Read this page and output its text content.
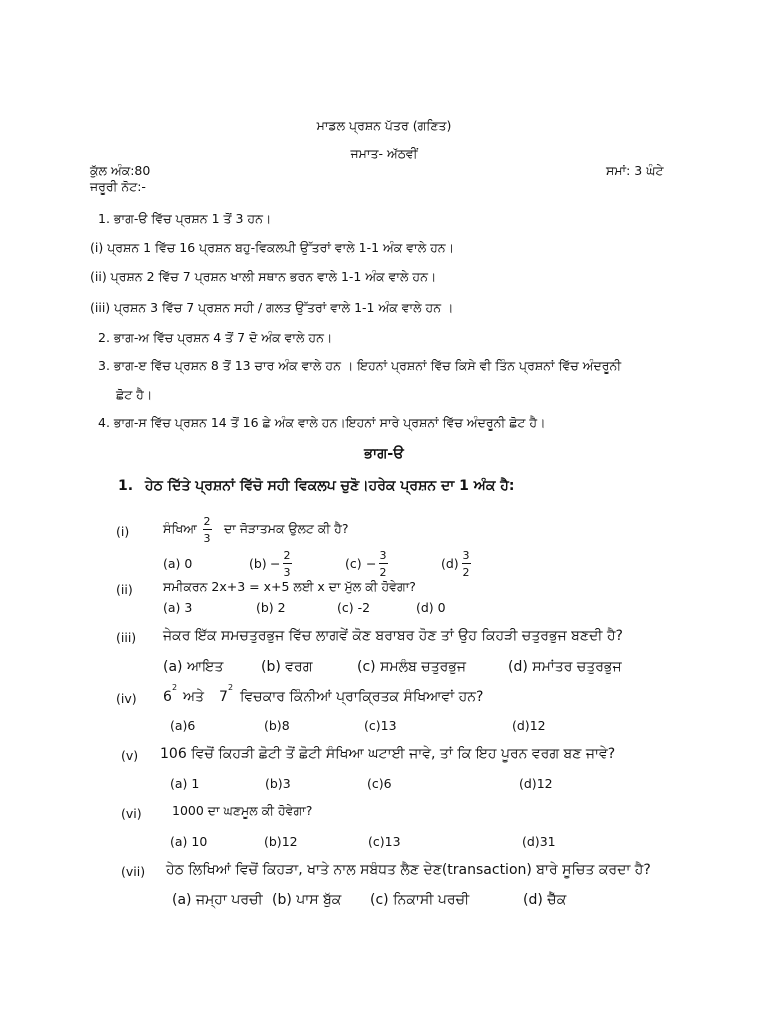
ਮਾਡਲ ਪ੍ਰਸ਼ਨ ਪੱਤਰ (ਗਣਿਤ)
ਜਮਾਤ- ਅੱਠਵੀਂ
ਕੁੱਲ ਅੰਕ:80	ਸਮਾਂ: 3 ਘੰਟੇ
ਜਰੂਰੀ ਨੋਟ:-
1. ਭਾਗ-ੳ ਵਿੱਚ ਪ੍ਰਸ਼ਨ 1 ਤੋਂ 3 ਹਨ।
(i) ਪ੍ਰਸ਼ਨ 1 ਵਿੱਚ 16 ਪ੍ਰਸ਼ਨ ਬਹੁ-ਵਿਕਲਪੀ ਉੱਤਰਾਂ ਵਾਲੇ 1-1 ਅੰਕ ਵਾਲੇ ਹਨ।
(ii) ਪ੍ਰਸ਼ਨ 2 ਵਿੱਚ 7 ਪ੍ਰਸ਼ਨ ਖਾਲੀ ਸਥਾਨ ਭਰਨ ਵਾਲੇ 1-1 ਅੰਕ ਵਾਲੇ ਹਨ।
(iii) ਪ੍ਰਸ਼ਨ 3 ਵਿੱਚ 7 ਪ੍ਰਸ਼ਨ ਸਹੀ / ਗਲਤ ਉੱਤਰਾਂ ਵਾਲੇ 1-1 ਅੰਕ ਵਾਲੇ ਹਨ ।
2. ਭਾਗ-ਅ ਵਿੱਚ ਪ੍ਰਸ਼ਨ 4 ਤੋਂ 7 ਦੋ ਅੰਕ ਵਾਲੇ ਹਨ।
3. ਭਾਗ-ੲ ਵਿੱਚ ਪ੍ਰਸ਼ਨ 8 ਤੋਂ 13 ਚਾਰ ਅੰਕ ਵਾਲੇ ਹਨ । ਇਹਨਾਂ ਪ੍ਰਸ਼ਨਾਂ ਵਿੱਚ ਕਿਸੇ ਵੀ ਤਿੰਨ ਪ੍ਰਸ਼ਨਾਂ ਵਿੱਚ ਅੰਦਰੂਨੀ
ਛੋਟ ਹੈ।
4. ਭਾਗ-ਸ ਵਿੱਚ ਪ੍ਰਸ਼ਨ 14 ਤੋਂ 16 ਛੇ ਅੰਕ ਵਾਲੇ ਹਨ।ਇਹਨਾਂ ਸਾਰੇ ਪ੍ਰਸ਼ਨਾਂ ਵਿੱਚ ਅੰਦਰੂਨੀ ਛੋਟ ਹੈ।
ਭਾਗ-ੳ
1. ਹੇਠ ਦਿੱਤੇ ਪ੍ਰਸ਼ਨਾਂ ਵਿੱਚੋ ਸਹੀ ਵਿਕਲਪ ਚੁਣੋ।ਹਰੇਕ ਪ੍ਰਸ਼ਨ ਦਾ 1 ਅੰਕ ਹੈ:
(i)	ਸੰਖਿਆ 2
3
ਦਾ ਜੋੜਾਤਮਕ ਉਲਟ ਕੀ ਹੈ?
(a) 0	(b) −
2
3
(c) −
3
2
(d)
3
2
(ii) ਸਮੀਕਰਨ 2x+3 = x+5 ਲਈ x ਦਾ ਮੁੱਲ ਕੀ ਹੋਵੇਗਾ?
(a) 3	(b) 2	(c) -2	(d) 0
(iii) ਜੇਕਰ ਇੱਕ ਸਮਚਤੁਰਭੁਜ ਵਿੱਚ ਲਾਗਵੇਂ ਕੋਣ ਬਰਾਬਰ ਹੋਣ ਤਾਂ ਉਹ ਕਿਹੜੀ ਚਤੁਰਭੁਜ ਬਣਦੀ ਹੈ?
(a) ਆਇਤ	(b) ਵਰਗ	(c) ਸਮਲੰਬ ਚਤੁਰਭੁਜ	(d) ਸਮਾਂਤਰ ਚਤੁਰਭੁਜ
(iv) 6
2
ਅਤੇ 7
2
ਵਿਚਕਾਰ ਕਿੰਨੀਆਂ ਪ੍ਰਾਕ੍ਰਿਤਕ ਸੰਖਿਆਵਾਂ ਹਨ?
(a)6	(b)8	(c)13	(d)12
(v) 106 ਵਿਚੋਂ ਕਿਹੜੀ ਛੋਟੀ ਤੋਂ ਛੋਟੀ ਸੰਖਿਆ ਘਟਾਈ ਜਾਵੇ, ਤਾਂ ਕਿ ਇਹ ਪੂਰਨ ਵਰਗ ਬਣ ਜਾਵੇ?
(a) 1	(b)3	(c)6	(d)12
(vi) 1000 ਦਾ ਘਣਮੂਲ ਕੀ ਹੋਵੇਗਾ?
(a) 10	(b)12	(c)13	(d)31
(vii) ਹੇਠ ਲਿਖਿਆਂ ਵਿਚੋਂ ਕਿਹੜਾ, ਖਾਤੇ ਨਾਲ ਸਬੰਧਤ ਲੈਣ ਦੇਣ(transaction) ਬਾਰੇ ਸੂਚਿਤ ਕਰਦਾ ਹੈ?
(a) ਜਮ੍ਹਾ ਪਰਚੀ (b) ਪਾਸ ਬੁੱਕ (c) ਨਿਕਾਸੀ ਪਰਚੀ	(d) ਚੈੱਕ
